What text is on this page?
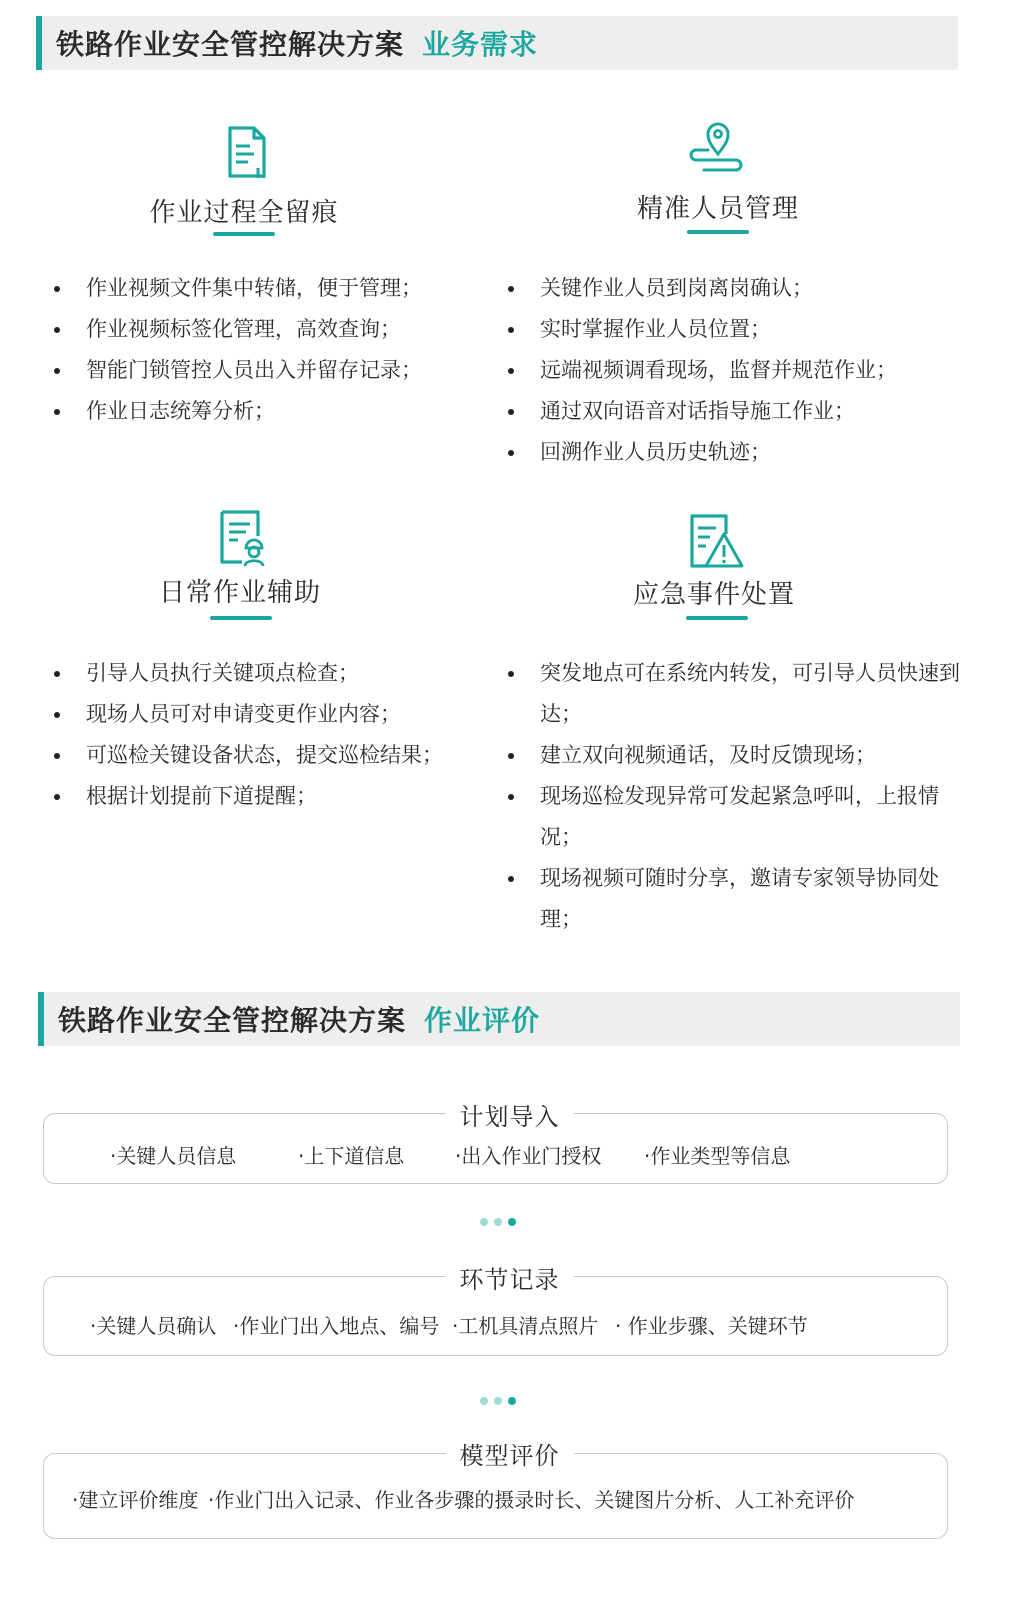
铁路作业安全管控解决方案 业务需求
作业过程全留痕
作业视频文件集中转储，便于管理；
作业视频标签化管理，高效查询；
智能门锁管控人员出入并留存记录；
作业日志统筹分析；
精准人员管理
关键作业人员到岗离岗确认；
实时掌握作业人员位置；
远端视频调看现场，监督并规范作业；
通过双向语音对话指导施工作业；
回溯作业人员历史轨迹；
日常作业辅助
引导人员执行关键项点检查；
现场人员可对申请变更作业内容；
可巡检关键设备状态，提交巡检结果；
根据计划提前下道提醒；
应急事件处置
突发地点可在系统内转发，可引导人员快速到达；
建立双向视频通话，及时反馈现场；
现场巡检发现异常可发起紧急呼叫，上报情况；
现场视频可随时分享，邀请专家领导协同处理；
铁路作业安全管控解决方案 作业评价
计划导入
·关键人员信息	·上下道信息	·出入作业门授权 ·作业类型等信息
环节记录
·关键人员确认 ·作业门出入地点、编号 ·工机具清点照片 · 作业步骤、关键环节
模型评价
·建立评价维度 ·作业门出入记录、作业各步骤的摄录时长、关键图片分析、人工补充评价
